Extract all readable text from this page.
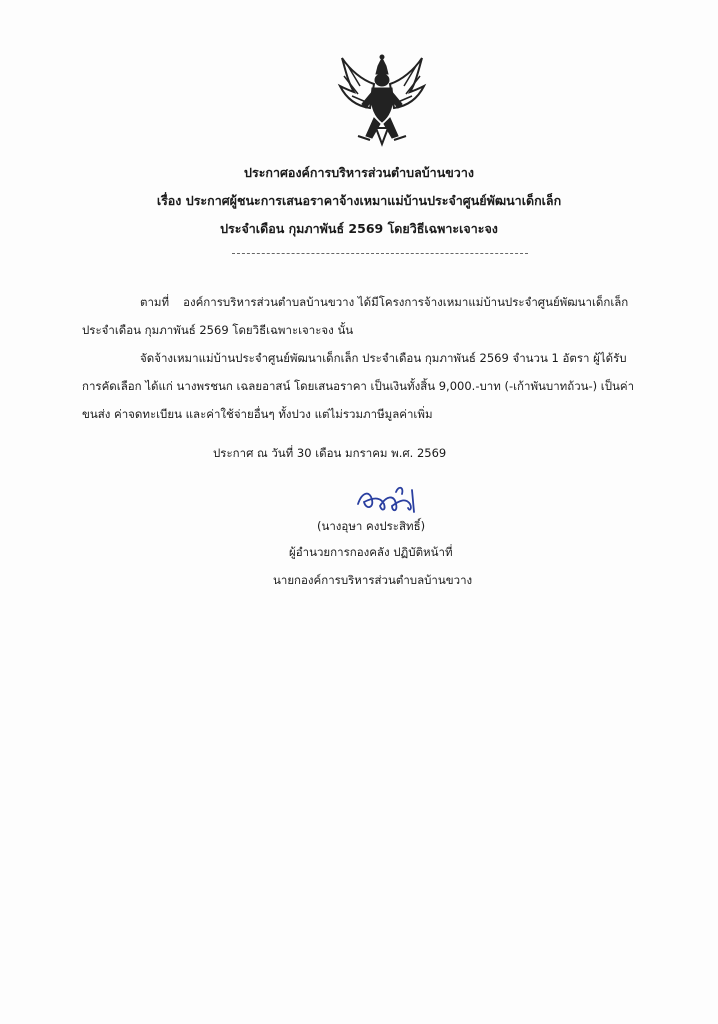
ประกาศองค์การบริหารส่วนตำบลบ้านขวาง
เรื่อง ประกาศผู้ชนะการเสนอราคาจ้างเหมาแม่บ้านประจำศูนย์พัฒนาเด็กเล็ก
ประจำเดือน กุมภาพันธ์ 2569 โดยวิธีเฉพาะเจาะจง
ตามที่ องค์การบริหารส่วนตำบลบ้านขวาง ได้มีโครงการจ้างเหมาแม่บ้านประจำศูนย์พัฒนาเด็กเล็ก
ประจำเดือน กุมภาพันธ์ 2569 โดยวิธีเฉพาะเจาะจง นั้น
จัดจ้างเหมาแม่บ้านประจำศูนย์พัฒนาเด็กเล็ก ประจำเดือน กุมภาพันธ์ 2569 จำนวน 1 อัตรา ผู้ได้รับ
การคัดเลือก ได้แก่ นางพรชนก เฉลยอาสน์ โดยเสนอราคา เป็นเงินทั้งสิ้น 9,000.-บาท (-เก้าพันบาทถ้วน-) เป็นค่า
ขนส่ง ค่าจดทะเบียน และค่าใช้จ่ายอื่นๆ ทั้งปวง แต่ไม่รวมภาษีมูลค่าเพิ่ม
ประกาศ ณ วันที่ 30 เดือน มกราคม พ.ศ. 2569
(นางอุษา คงประสิทธิ์)
ผู้อำนวยการกองคลัง ปฏิบัติหน้าที่
นายกองค์การบริหารส่วนตำบลบ้านขวาง
